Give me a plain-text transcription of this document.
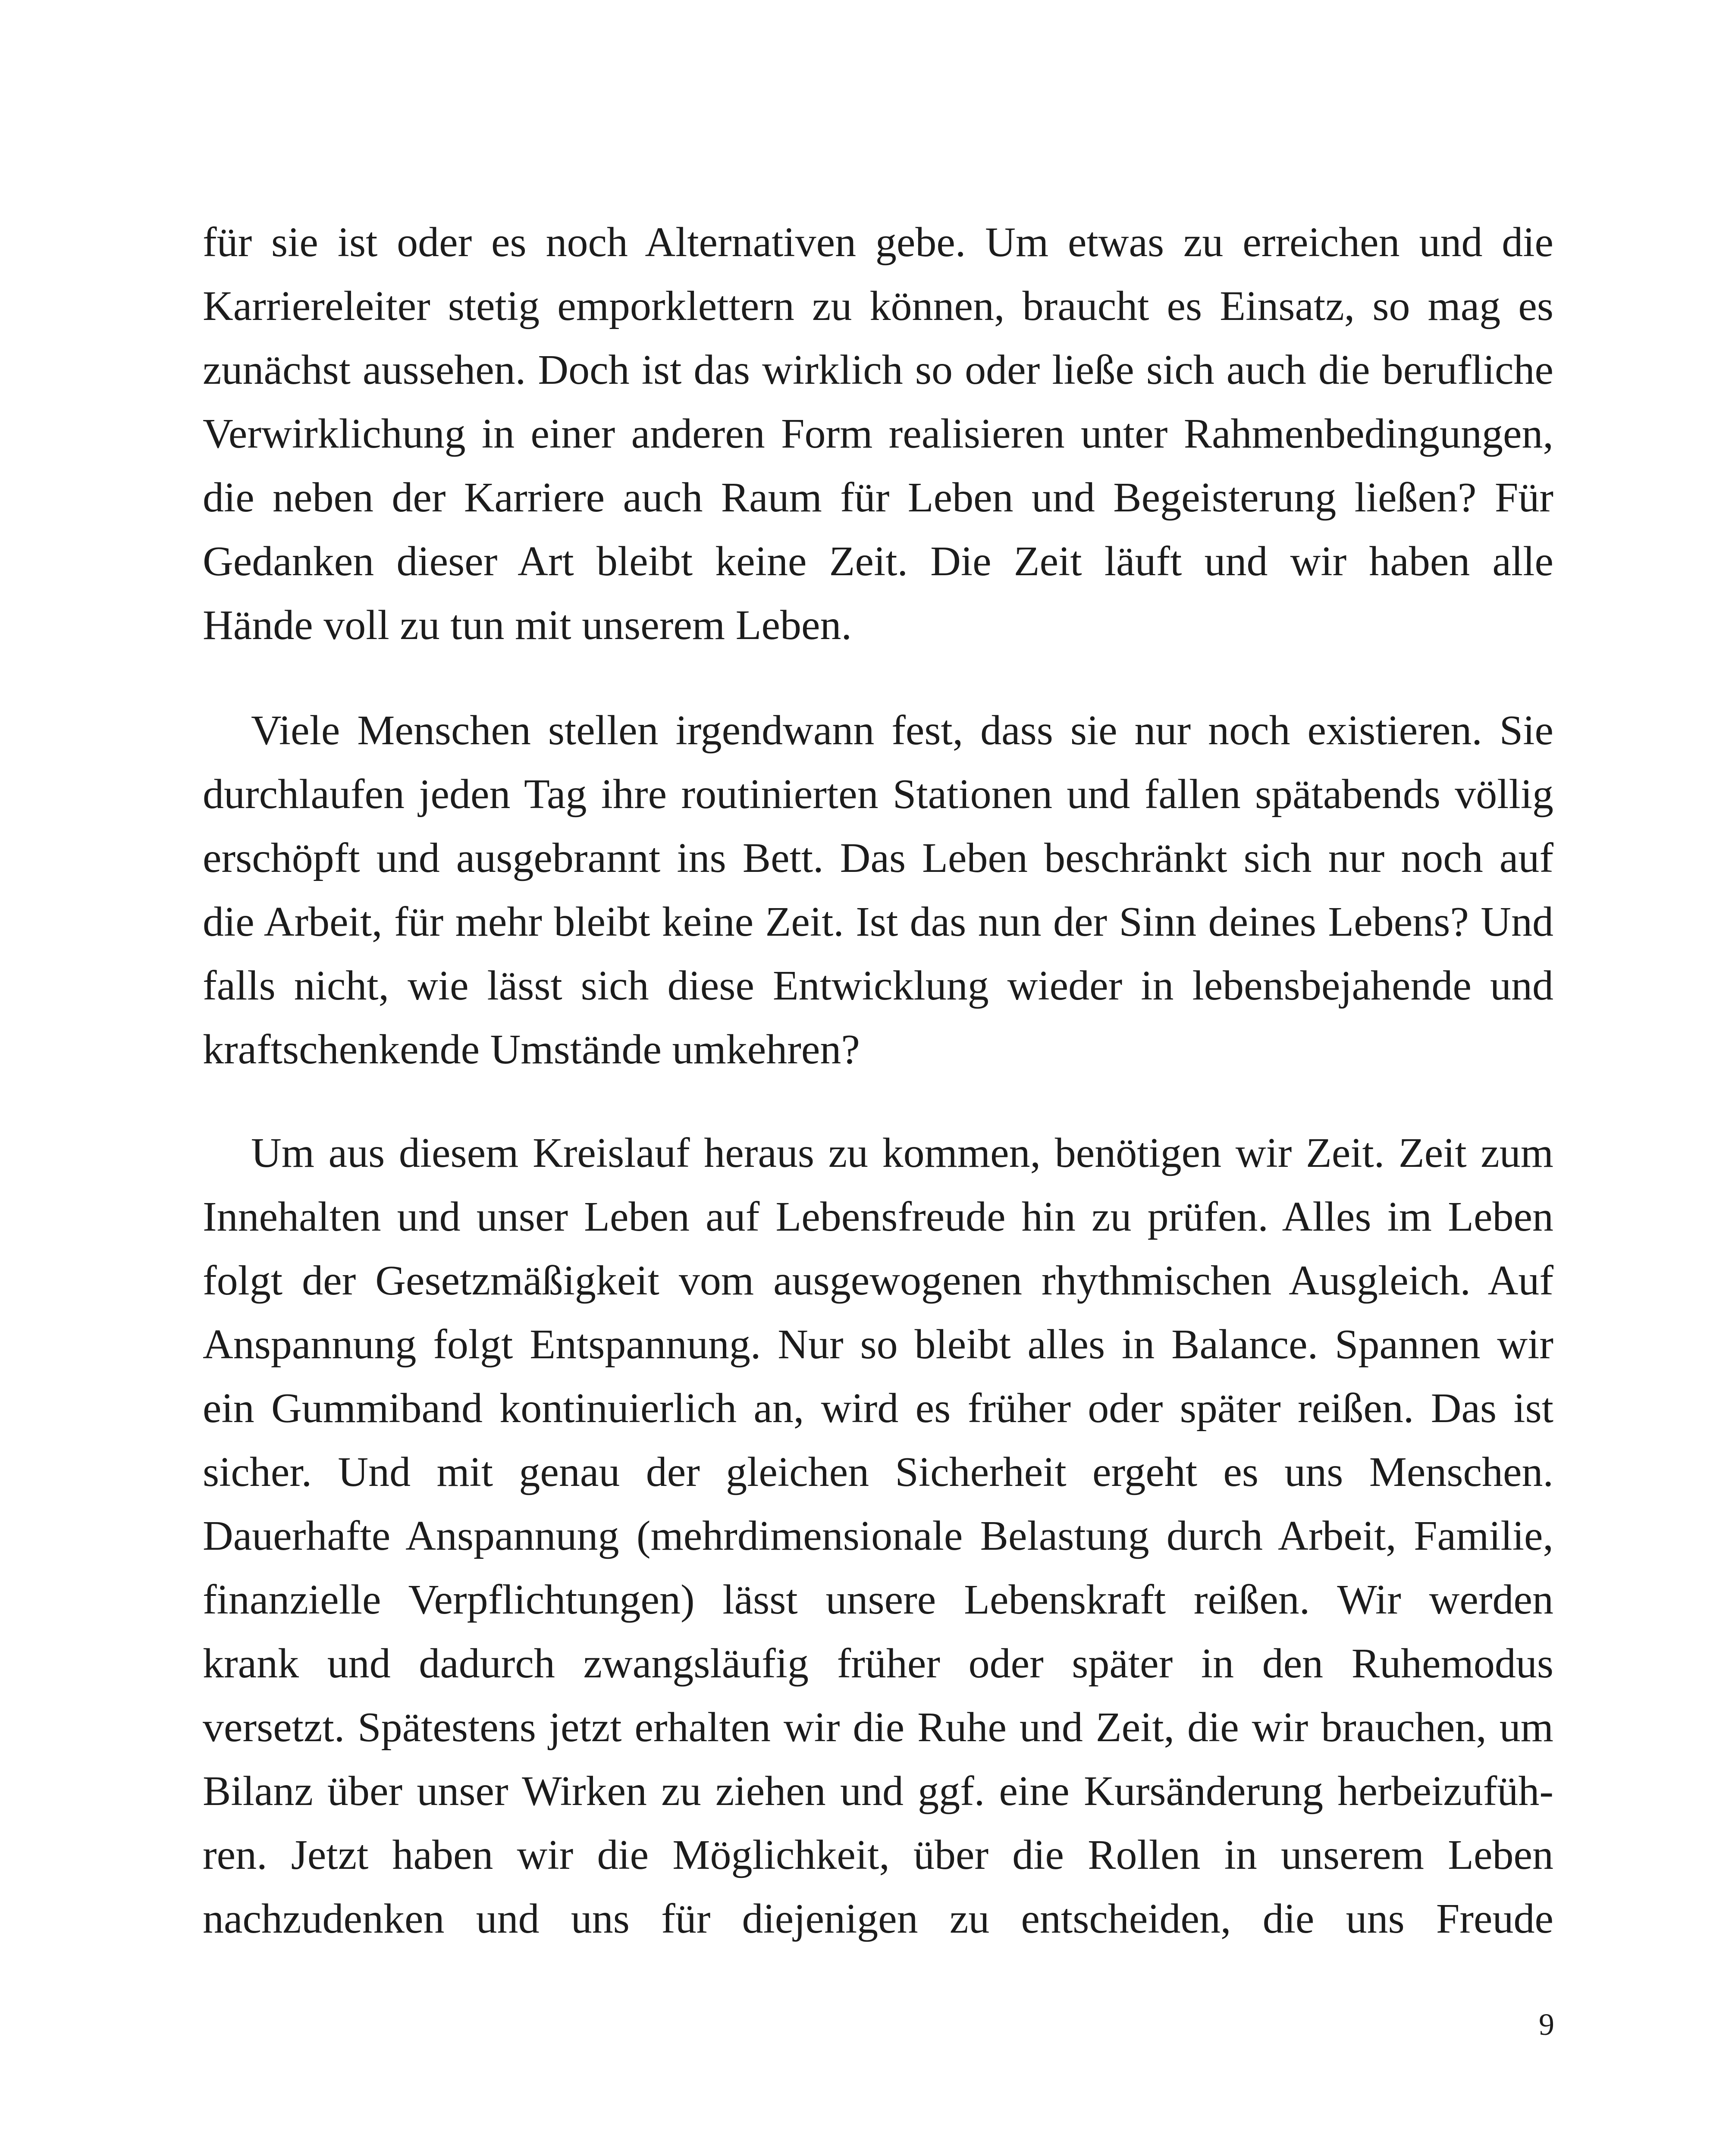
für sie ist oder es noch Alternativen gebe. Um etwas zu erreichen und die
Karriereleiter stetig emporklettern zu können, braucht es Einsatz, so mag es
zunächst aussehen. Doch ist das wirklich so oder ließe sich auch die berufliche
Verwirklichung in einer anderen Form realisieren unter Rahmenbedingungen,
die neben der Karriere auch Raum für Leben und Begeisterung ließen? Für
Gedanken dieser Art bleibt keine Zeit. Die Zeit läuft und wir haben alle
Hände voll zu tun mit unserem Leben.
Viele Menschen stellen irgendwann fest, dass sie nur noch existieren. Sie
durchlaufen jeden Tag ihre routinierten Stationen und fallen spätabends völlig
erschöpft und ausgebrannt ins Bett. Das Leben beschränkt sich nur noch auf
die Arbeit, für mehr bleibt keine Zeit. Ist das nun der Sinn deines Lebens? Und
falls nicht, wie lässt sich diese Entwicklung wieder in lebensbejahende und
kraftschenkende Umstände umkehren?
Um aus diesem Kreislauf heraus zu kommen, benötigen wir Zeit. Zeit zum
Innehalten und unser Leben auf Lebensfreude hin zu prüfen. Alles im Leben
folgt der Gesetzmäßigkeit vom ausgewogenen rhythmischen Ausgleich. Auf
Anspannung folgt Entspannung. Nur so bleibt alles in Balance. Spannen wir
ein Gummiband kontinuierlich an, wird es früher oder später reißen. Das ist
sicher. Und mit genau der gleichen Sicherheit ergeht es uns Menschen.
Dauerhafte Anspannung (mehrdimensionale Belastung durch Arbeit, Familie,
finanzielle Verpflichtungen) lässt unsere Lebenskraft reißen. Wir werden
krank und dadurch zwangsläufig früher oder später in den Ruhemodus
versetzt. Spätestens jetzt erhalten wir die Ruhe und Zeit, die wir brauchen, um
Bilanz über unser Wirken zu ziehen und ggf. eine Kursänderung herbeizufüh-
ren. Jetzt haben wir die Möglichkeit, über die Rollen in unserem Leben
nachzudenken und uns für diejenigen zu entscheiden, die uns Freude
9
